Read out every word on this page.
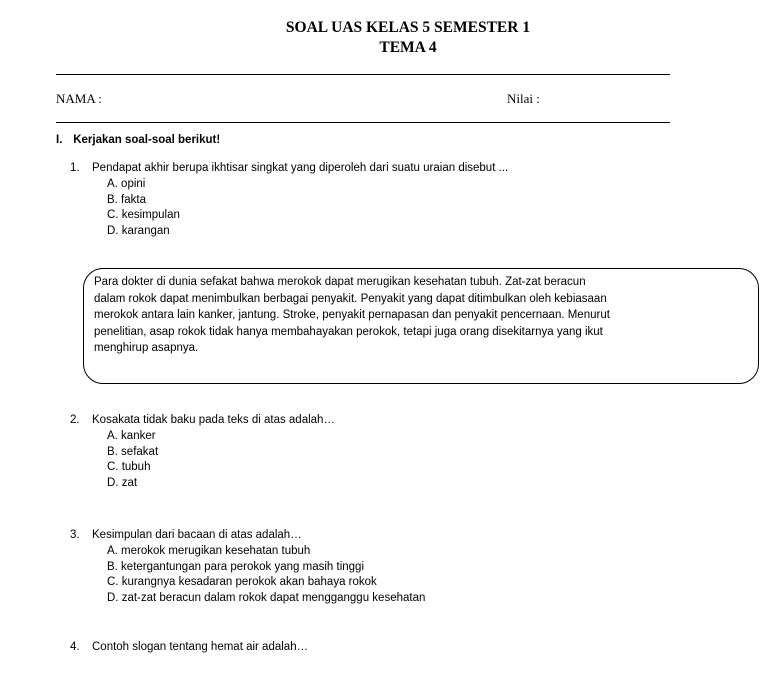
SOAL UAS KELAS 5 SEMESTER 1
TEMA 4
NAMA :	Nilai :
I. Kerjakan soal-soal berikut!
1. Pendapat akhir berupa ikhtisar singkat yang diperoleh dari suatu uraian disebut ...
A. opini
B. fakta
C. kesimpulan
D. karangan
Para dokter di dunia sefakat bahwa merokok dapat merugikan kesehatan tubuh. Zat-zat beracun
dalam rokok dapat menimbulkan berbagai penyakit. Penyakit yang dapat ditimbulkan oleh kebiasaan
merokok antara lain kanker, jantung. Stroke, penyakit pernapasan dan penyakit pencernaan. Menurut
penelitian, asap rokok tidak hanya membahayakan perokok, tetapi juga orang disekitarnya yang ikut
menghirup asapnya.
2. Kosakata tidak baku pada teks di atas adalah…
A. kanker
B. sefakat
C. tubuh
D. zat
3. Kesimpulan dari bacaan di atas adalah…
A. merokok merugikan kesehatan tubuh
B. ketergantungan para perokok yang masih tinggi
C. kurangnya kesadaran perokok akan bahaya rokok
D. zat-zat beracun dalam rokok dapat mengganggu kesehatan
4. Contoh slogan tentang hemat air adalah…
